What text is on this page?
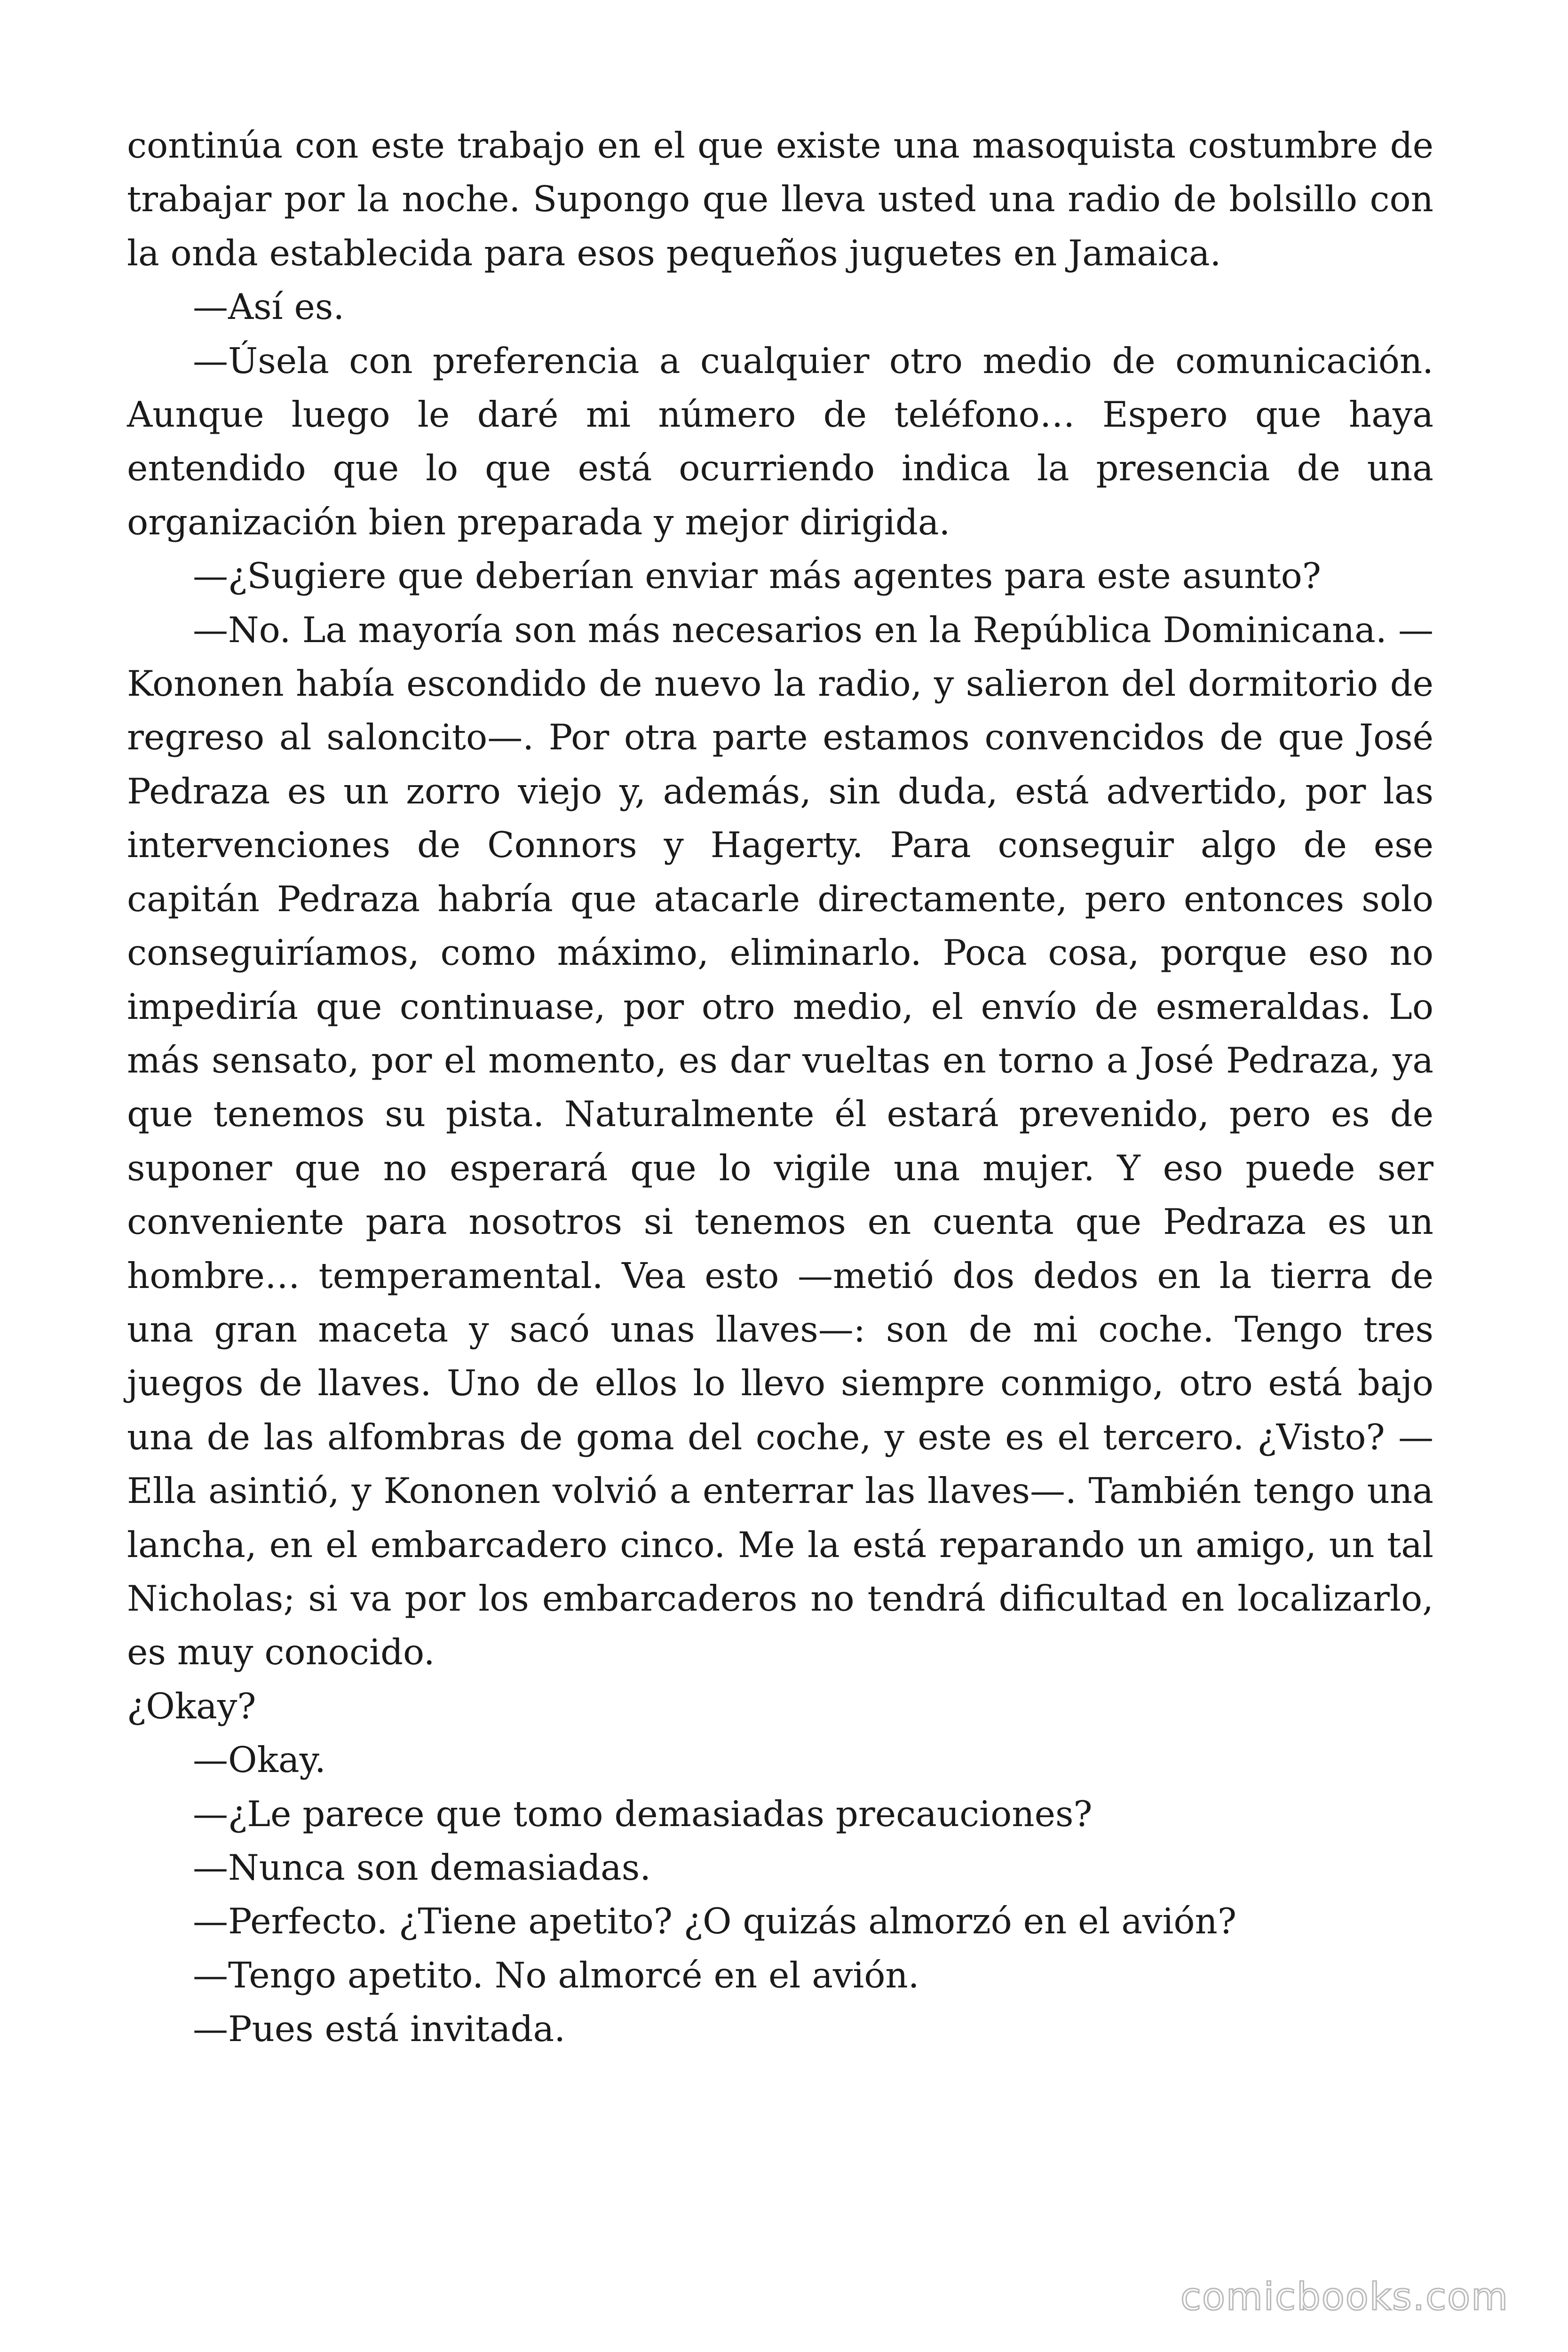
continúa con este trabajo en el que existe una masoquista costumbre de trabajar por la noche. Supongo que lleva usted una radio de bolsillo con la onda establecida para esos pequeños juguetes en Jamaica.

—Así es.

—Úsela con preferencia a cualquier otro medio de comunicación. Aunque luego le daré mi número de teléfono… Espero que haya entendido que lo que está ocurriendo indica la presencia de una organización bien preparada y mejor dirigida.

—¿Sugiere que deberían enviar más agentes para este asunto?

—No. La mayoría son más necesarios en la República Dominicana. —Kononen había escondido de nuevo la radio, y salieron del dormitorio de regreso al saloncito—. Por otra parte estamos convencidos de que José Pedraza es un zorro viejo y, además, sin duda, está advertido, por las intervenciones de Connors y Hagerty. Para conseguir algo de ese capitán Pedraza habría que atacarle directamente, pero entonces solo conseguiríamos, como máximo, eliminarlo. Poca cosa, porque eso no impediría que continuase, por otro medio, el envío de esmeraldas. Lo más sensato, por el momento, es dar vueltas en torno a José Pedraza, ya que tenemos su pista. Naturalmente él estará prevenido, pero es de suponer que no esperará que lo vigile una mujer. Y eso puede ser conveniente para nosotros si tenemos en cuenta que Pedraza es un hombre… temperamental. Vea esto —metió dos dedos en la tierra de una gran maceta y sacó unas llaves—: son de mi coche. Tengo tres juegos de llaves. Uno de ellos lo llevo siempre conmigo, otro está bajo una de las alfombras de goma del coche, y este es el tercero. ¿Visto? —Ella asintió, y Kononen volvió a enterrar las llaves—. También tengo una lancha, en el embarcadero cinco. Me la está reparando un amigo, un tal Nicholas; si va por los embarcaderos no tendrá dificultad en localizarlo, es muy conocido.

¿Okay?

—Okay.

—¿Le parece que tomo demasiadas precauciones?

—Nunca son demasiadas.

—Perfecto. ¿Tiene apetito? ¿O quizás almorzó en el avión?

—Tengo apetito. No almorcé en el avión.

—Pues está invitada.

comicbooks.com
